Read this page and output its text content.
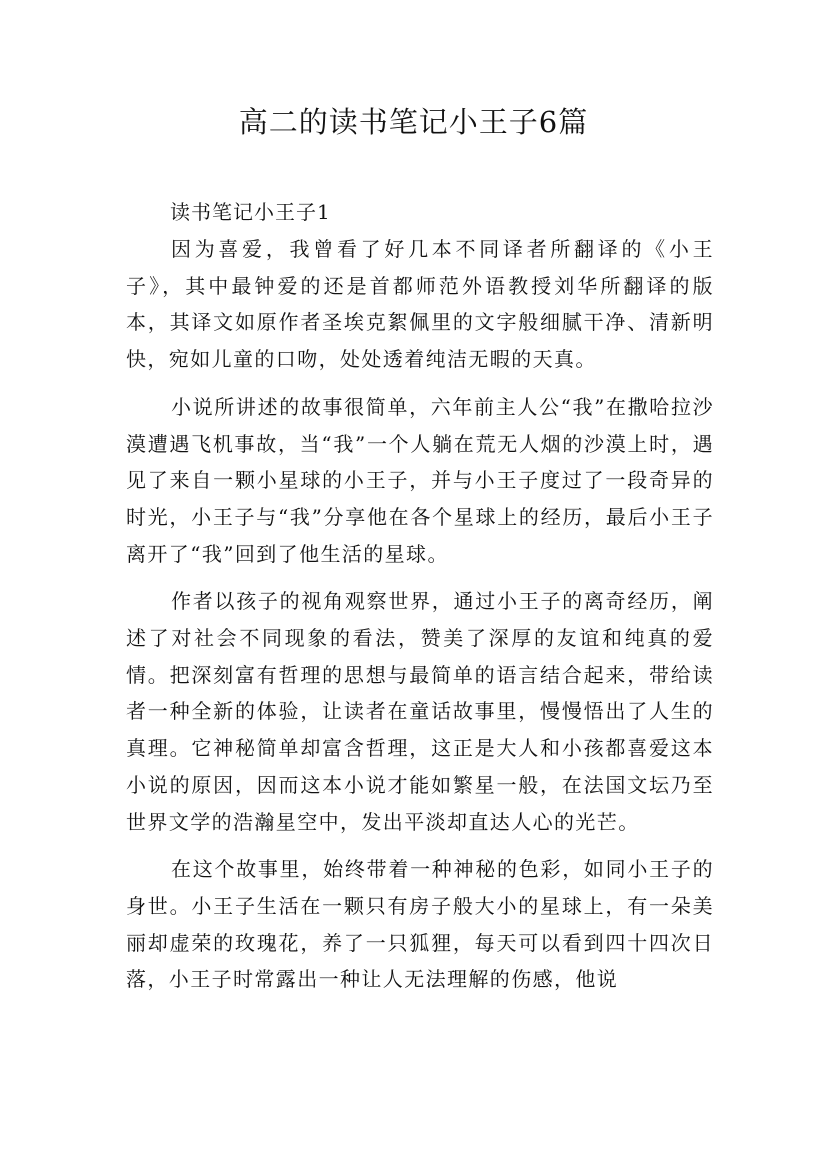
高二的读书笔记小王子6篇

读书笔记小王子1

因为喜爱，我曾看了好几本不同译者所翻译的《小王子》，其中最钟爱的还是首都师范外语教授刘华所翻译的版本，其译文如原作者圣埃克絮佩里的文字般细腻干净、清新明快，宛如儿童的口吻，处处透着纯洁无暇的天真。

小说所讲述的故事很简单，六年前主人公“我”在撒哈拉沙漠遭遇飞机事故，当“我”一个人躺在荒无人烟的沙漠上时，遇见了来自一颗小星球的小王子，并与小王子度过了一段奇异的时光，小王子与“我”分享他在各个星球上的经历，最后小王子离开了“我”回到了他生活的星球。

作者以孩子的视角观察世界，通过小王子的离奇经历，阐述了对社会不同现象的看法，赞美了深厚的友谊和纯真的爱情。把深刻富有哲理的思想与最简单的语言结合起来，带给读者一种全新的体验，让读者在童话故事里，慢慢悟出了人生的真理。它神秘简单却富含哲理，这正是大人和小孩都喜爱这本小说的原因，因而这本小说才能如繁星一般，在法国文坛乃至世界文学的浩瀚星空中，发出平淡却直达人心的光芒。

在这个故事里，始终带着一种神秘的色彩，如同小王子的身世。小王子生活在一颗只有房子般大小的星球上，有一朵美丽却虚荣的玫瑰花，养了一只狐狸，每天可以看到四十四次日落，小王子时常露出一种让人无法理解的伤感，他说
